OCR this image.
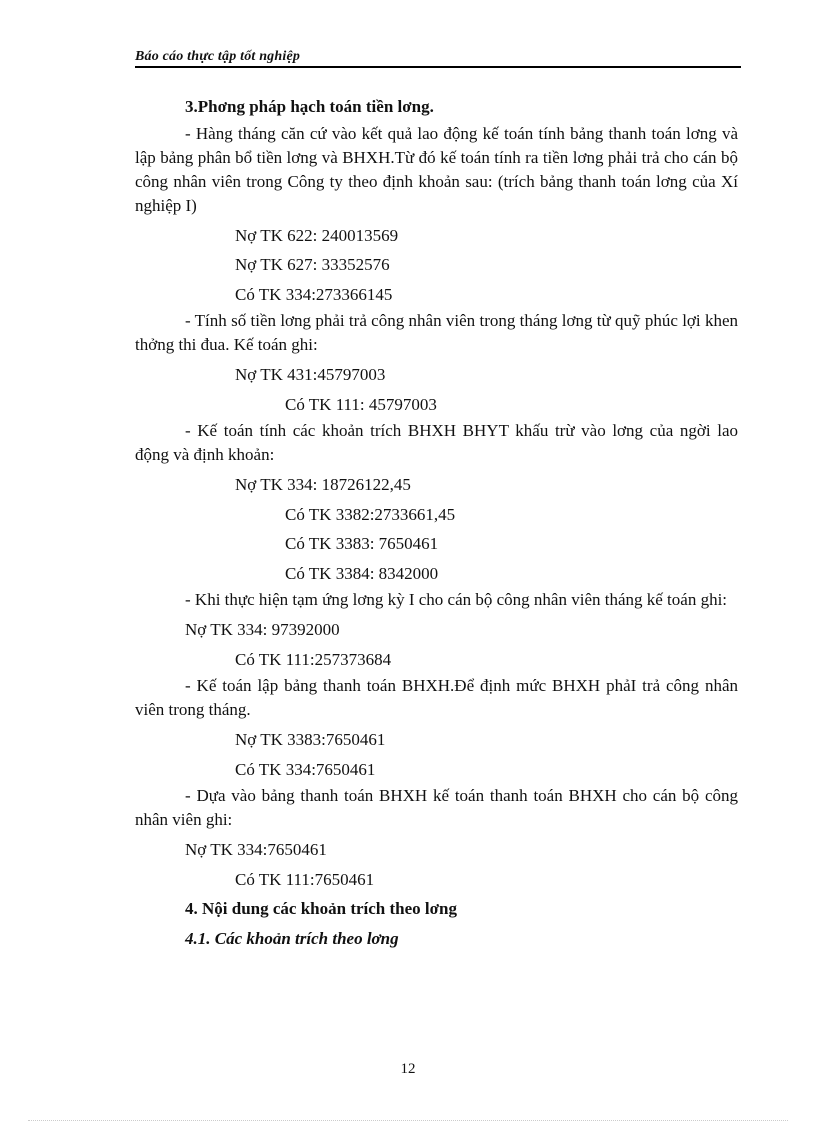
Báo cáo thực tập tốt nghiệp
3.Phơng pháp hạch toán tiền lơng.

- Hàng tháng căn cứ vào kết quả lao động kế toán tính bảng thanh toán lơng và lập bảng phân bổ tiền lơng và BHXH.Từ đó kế toán tính ra tiền lơng phải trả cho cán bộ công nhân viên trong Công ty theo định khoản sau: (trích bảng thanh toán lơng của Xí nghiệp I)

Nợ TK 622: 240013569
Nợ TK 627: 33352576
Có TK 334:273366145

- Tính số tiền lơng phải trả công nhân viên trong tháng lơng từ quỹ phúc lợi khen thởng thi đua. Kế toán ghi:

Nợ TK 431:45797003
Có TK 111: 45797003

- Kế toán tính các khoản trích BHXH BHYT khấu trừ vào lơng của ngời lao động và định khoản:

Nợ TK 334: 18726122,45
Có TK 3382:2733661,45
Có TK 3383: 7650461
Có TK 3384: 8342000

- Khi thực hiện tạm ứng lơng kỳ I cho cán bộ công nhân viên tháng kế toán ghi:

Nợ TK 334: 97392000
Có TK 111:257373684

- Kế toán lập bảng thanh toán BHXH.Để định mức BHXH phảI trả công nhân viên trong tháng.

Nợ TK 3383:7650461
Có TK 334:7650461

- Dựa vào bảng thanh toán BHXH kế toán thanh toán BHXH cho cán bộ công nhân viên ghi:

Nợ TK 334:7650461
Có TK 111:7650461
4. Nội dung các khoản trích theo lơng
4.1. Các khoản trích theo lơng
12
